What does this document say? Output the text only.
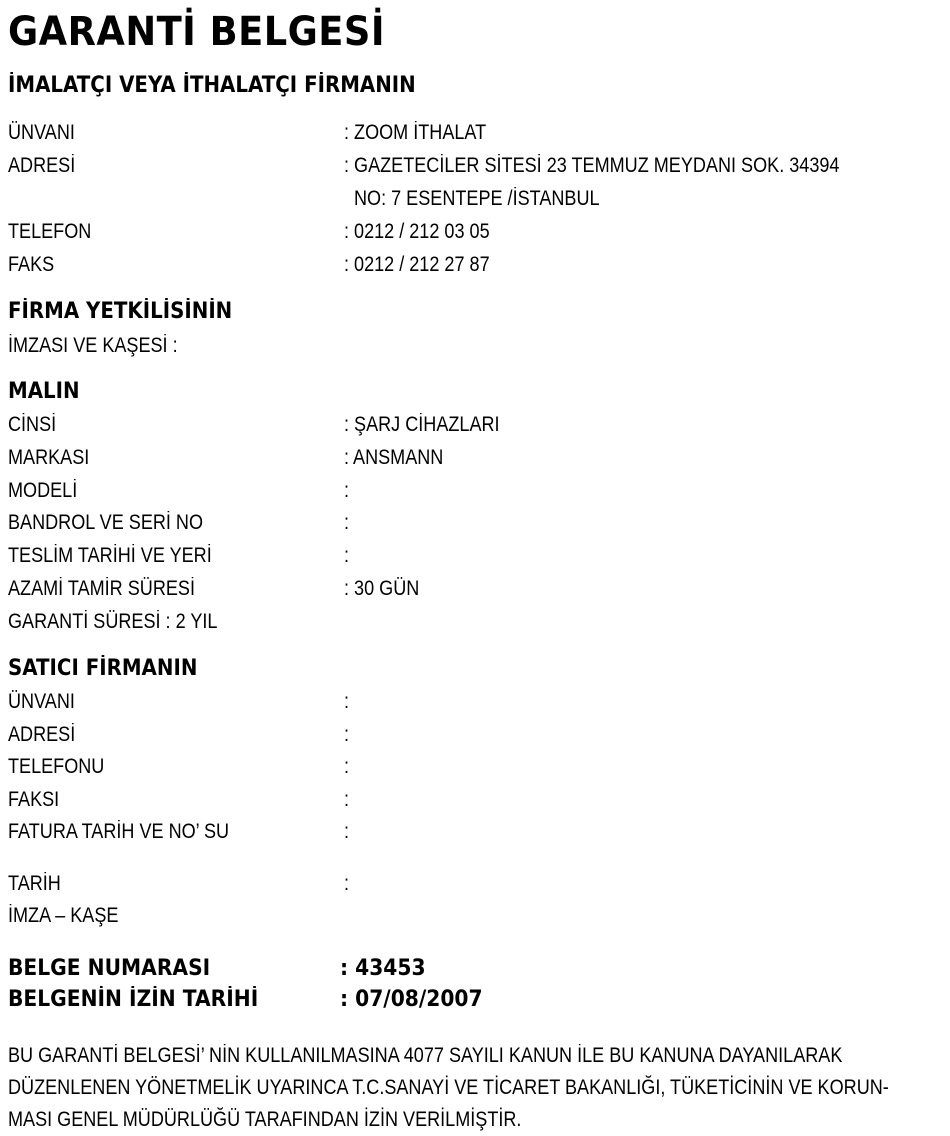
GARANTİ BELGESİ
İMALATÇI VEYA İTHALATÇI FİRMANIN
ÜNVANI	: ZOOM İTHALAT
ADRESİ	: GAZETECİLER SİTESİ 23 TEMMUZ MEYDANI SOK. 34394
NO: 7 ESENTEPE /İSTANBUL
TELEFON	: 0212 / 212 03 05
FAKS	: 0212 / 212 27 87
FİRMA YETKİLİSİNİN
İMZASI VE KAŞESİ :
MALIN
CİNSİ	: ŞARJ CİHAZLARI
MARKASI	: ANSMANN
MODELİ	:
BANDROL VE SERİ NO	:
TESLİM TARİHİ VE YERİ	:
AZAMİ TAMİR SÜRESİ	: 30 GÜN
GARANTİ SÜRESİ : 2 YIL
SATICI FİRMANIN
ÜNVANI	:
ADRESİ	:
TELEFONU	:
FAKSI	:
FATURA TARİH VE NO’ SU	:
TARİH	:
İMZA – KAŞE
BELGE NUMARASI	: 43453
BELGENİN İZİN TARİHİ	: 07/08/2007
BU GARANTİ BELGESİ’ NİN KULLANILMASINA 4077 SAYILI KANUN İLE BU KANUNA DAYANILARAK
DÜZENLENEN YÖNETMELİK UYARINCA T.C.SANAYİ VE TİCARET BAKANLIĞI, TÜKETİCİNİN VE KORUN-
MASI GENEL MÜDÜRLÜĞÜ TARAFINDAN İZİN VERİLMİŞTİR.
